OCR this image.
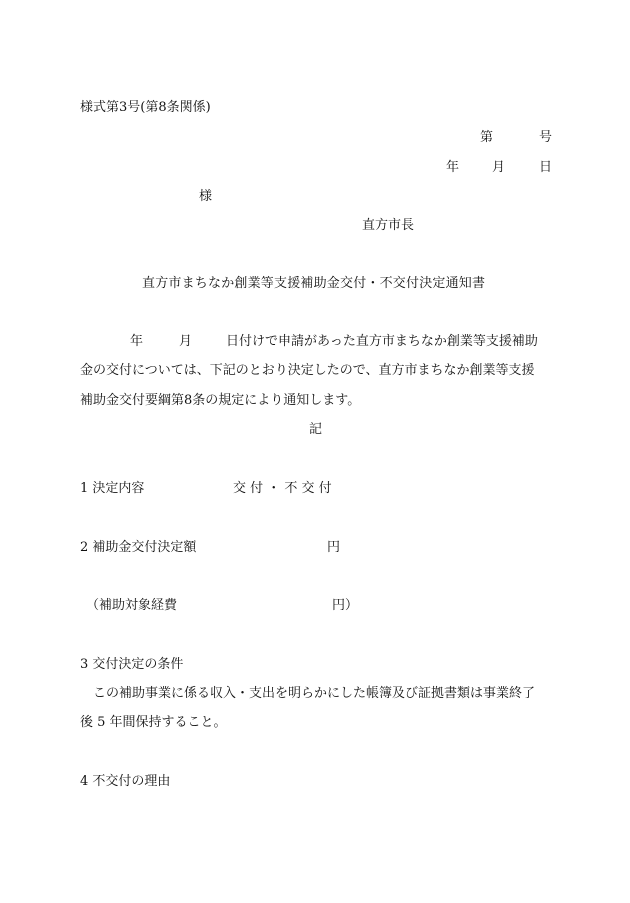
様式第3号(第8条関係)
第	号
年	月	日
様
直方市長
直方市まちなか創業等支援補助金交付・不交付決定通知書
年	月	日付けで申請があった直方市まちなか創業等支援補助
金の交付については、下記のとおり決定したので、直方市まちなか創業等支援
補助金交付要綱第8条の規定により通知します。
記
1 決定内容	交 付 ・ 不 交 付
2 補助金交付決定額	円
（補助対象経費	円）
3 交付決定の条件
この補助事業に係る収入・支出を明らかにした帳簿及び証拠書類は事業終了
後 5 年間保持すること。
4 不交付の理由
